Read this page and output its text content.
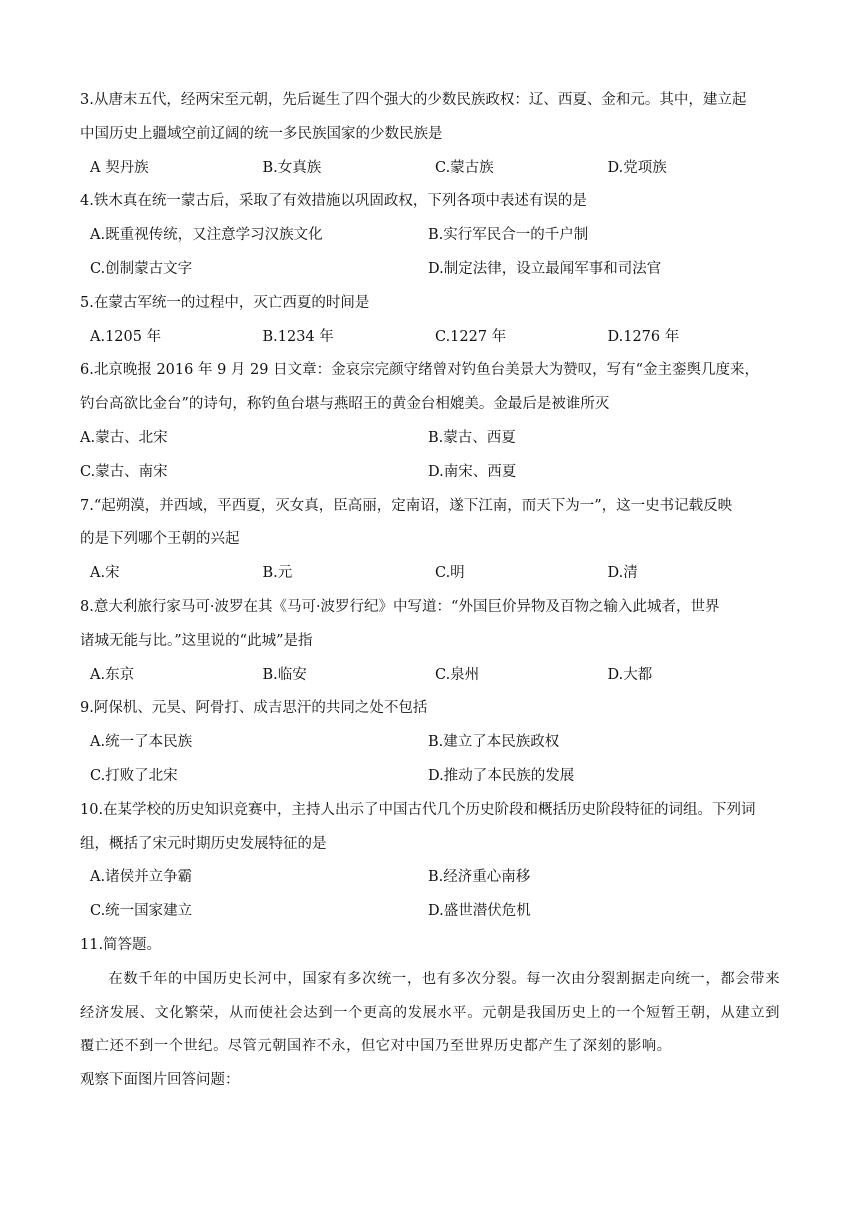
3.从唐末五代，经两宋至元朝，先后诞生了四个强大的少数民族政权：辽、西夏、金和元。其中，建立起
中国历史上疆域空前辽阔的统一多民族国家的少数民族是
A 契丹族	B.女真族	C.蒙古族	D.党项族
4.铁木真在统一蒙古后，采取了有效措施以巩固政权，下列各项中表述有误的是
A.既重视传统，又注意学习汉族文化	B.实行军民合一的千户制
C.创制蒙古文字	D.制定法律，设立最闻军事和司法官
5.在蒙古军统一的过程中，灭亡西夏的时间是
A.1205 年	B.1234 年	C.1227 年	D.1276 年
6.北京晚报 2016 年 9 月 29 日文章：金哀宗完颜守绪曾对钓鱼台美景大为赞叹，写有“金主銮舆几度来，
钓台高欲比金台”的诗句，称钓鱼台堪与燕昭王的黄金台相媲美。金最后是被谁所灭
A.蒙古、北宋	B.蒙古、西夏
C.蒙古、南宋	D.南宋、西夏
7.“起朔漠，并西域，平西夏，灭女真，臣高丽，定南诏，遂下江南，而天下为一”，这一史书记载反映
的是下列哪个王朝的兴起
A.宋	B.元	C.明	D.清
8.意大利旅行家马可·波罗在其《马可·波罗行纪》中写道：“外国巨价异物及百物之输入此城者，世界
诸城无能与比。”这里说的“此城”是指
A.东京	B.临安	C.泉州	D.大都
9.阿保机、元昊、阿骨打、成吉思汗的共同之处不包括
A.统一了本民族	B.建立了本民族政权
C.打败了北宋	D.推动了本民族的发展
10.在某学校的历史知识竞赛中，主持人出示了中国古代几个历史阶段和概括历史阶段特征的词组。下列词
组，概括了宋元时期历史发展特征的是
A.诸侯并立争霸	B.经济重心南移
C.统一国家建立	D.盛世潜伏危机
11.简答题。

在数千年的中国历史长河中，国家有多次统一，也有多次分裂。每一次由分裂割据走向统一，都会带来经济发展、文化繁荣，从而使社会达到一个更高的发展水平。元朝是我国历史上的一个短暂王朝，从建立到覆亡还不到一个世纪。尽管元朝国祚不永，但它对中国乃至世界历史都产生了深刻的影响。

观察下面图片回答问题：
